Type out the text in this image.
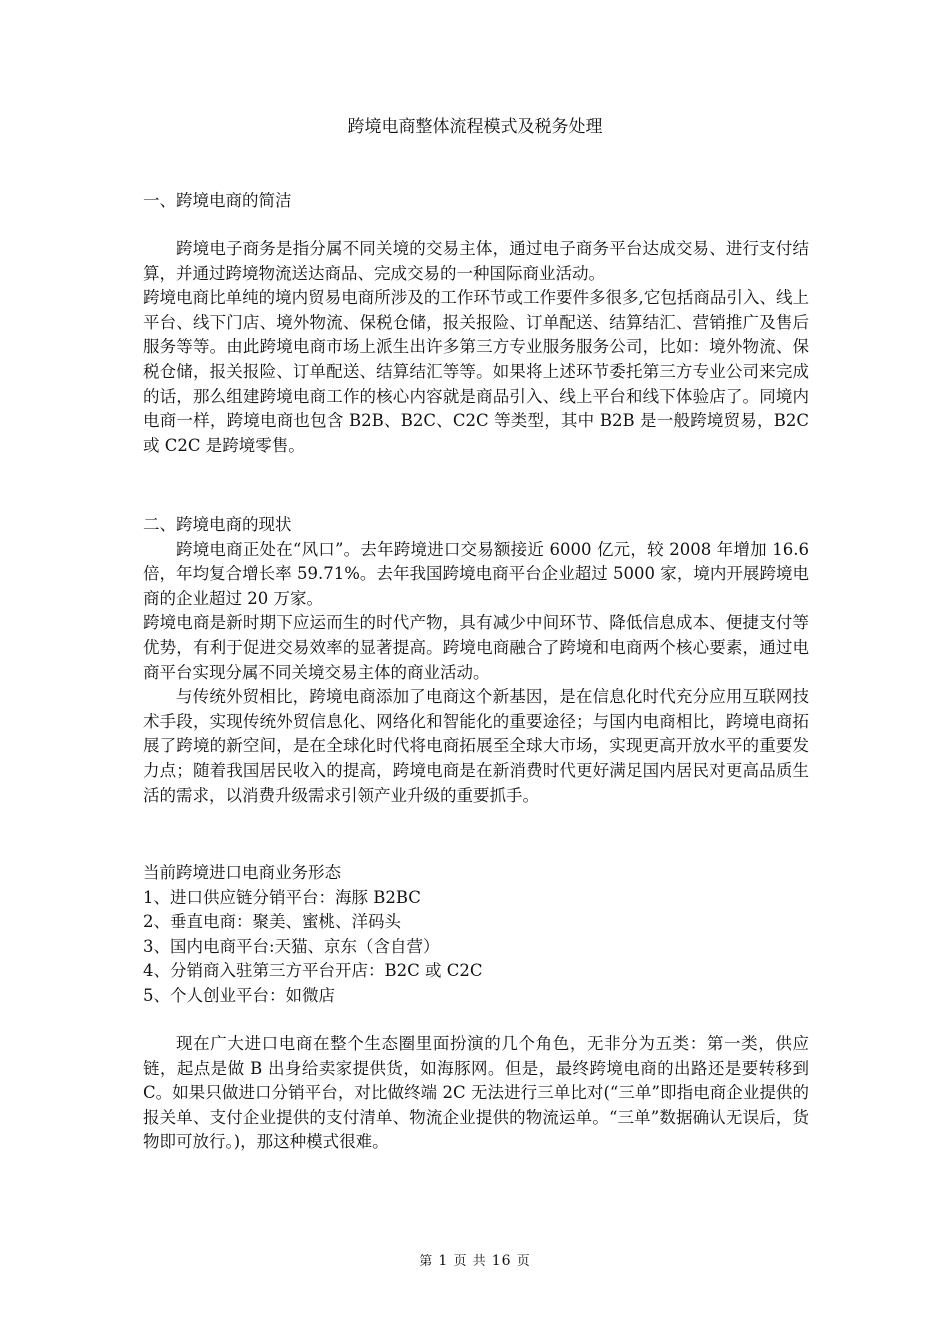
跨境电商整体流程模式及税务处理

一、跨境电商的简洁

跨境电子商务是指分属不同关境的交易主体，通过电子商务平台达成交易、进行支付结算，并通过跨境物流送达商品、完成交易的一种国际商业活动。

跨境电商比单纯的境内贸易电商所涉及的工作环节或工作要件多很多,它包括商品引入、线上平台、线下门店、境外物流、保税仓储，报关报险、订单配送、结算结汇、营销推广及售后服务等等。由此跨境电商市场上派生出许多第三方专业服务服务公司，比如：境外物流、保税仓储，报关报险、订单配送、结算结汇等等。如果将上述环节委托第三方专业公司来完成的话，那么组建跨境电商工作的核心内容就是商品引入、线上平台和线下体验店了。同境内电商一样，跨境电商也包含 B2B、B2C、C2C 等类型，其中 B2B 是一般跨境贸易，B2C 或 C2C 是跨境零售。

二、跨境电商的现状

跨境电商正处在“风口”。去年跨境进口交易额接近 6000 亿元，较 2008 年增加 16.6 倍，年均复合增长率 59.71%。去年我国跨境电商平台企业超过 5000 家，境内开展跨境电商的企业超过 20 万家。

跨境电商是新时期下应运而生的时代产物，具有减少中间环节、降低信息成本、便捷支付等优势，有利于促进交易效率的显著提高。跨境电商融合了跨境和电商两个核心要素，通过电商平台实现分属不同关境交易主体的商业活动。

与传统外贸相比，跨境电商添加了电商这个新基因，是在信息化时代充分应用互联网技术手段，实现传统外贸信息化、网络化和智能化的重要途径；与国内电商相比，跨境电商拓展了跨境的新空间，是在全球化时代将电商拓展至全球大市场，实现更高开放水平的重要发力点；随着我国居民收入的提高，跨境电商是在新消费时代更好满足国内居民对更高品质生活的需求，以消费升级需求引领产业升级的重要抓手。

当前跨境进口电商业务形态

1、进口供应链分销平台：海豚 B2BC
2、垂直电商：聚美、蜜桃、洋码头
3、国内电商平台:天猫、京东（含自营）
4、分销商入驻第三方平台开店：B2C 或 C2C
5、个人创业平台：如微店

现在广大进口电商在整个生态圈里面扮演的几个角色，无非分为五类：第一类，供应链，起点是做 B 出身给卖家提供货，如海豚网。但是，最终跨境电商的出路还是要转移到 C。如果只做进口分销平台，对比做终端 2C 无法进行三单比对(“三单”即指电商企业提供的报关单、支付企业提供的支付清单、物流企业提供的物流运单。“三单”数据确认无误后，货物即可放行。)，那这种模式很难。

第 1 页 共 16 页
